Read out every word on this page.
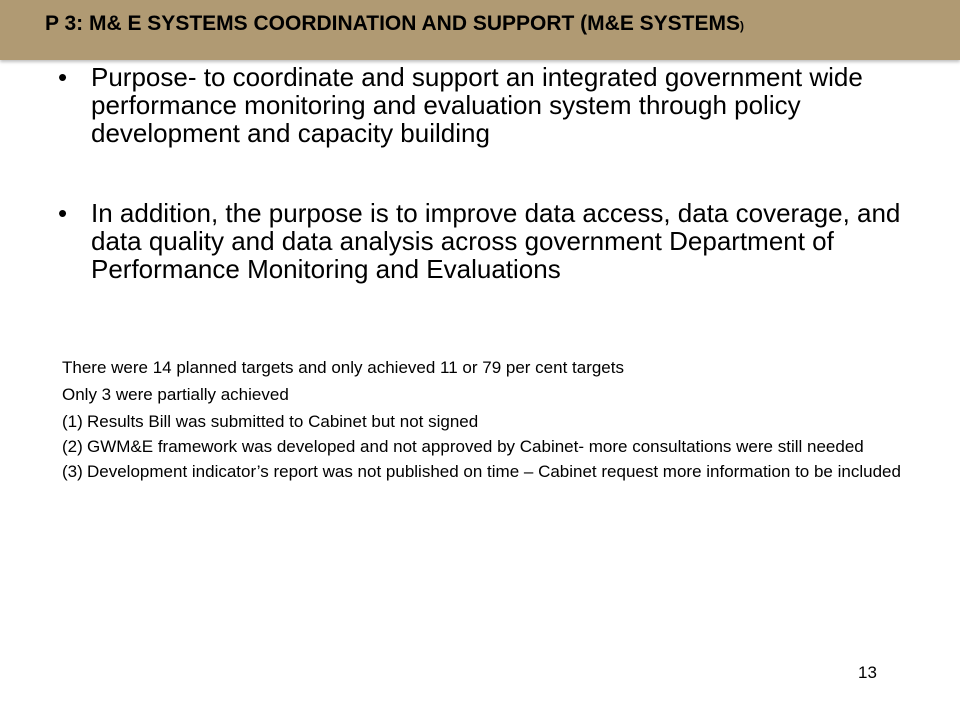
P 3: M& E SYSTEMS COORDINATION AND SUPPORT (M&E SYSTEMS)
• Purpose- to coordinate and support an integrated government wide performance monitoring and evaluation system through policy development and capacity building
• In addition, the purpose is to improve data access, data coverage, and data quality and data analysis across government Department of Performance Monitoring and Evaluations
There were 14 planned targets and only achieved 11 or 79 per cent targets
Only 3 were partially achieved
(1) Results Bill was submitted to Cabinet but not signed
(2) GWM&E framework was developed and not approved by Cabinet- more consultations were still needed
(3) Development indicator’s report was not published on time – Cabinet request more information to be included
13
